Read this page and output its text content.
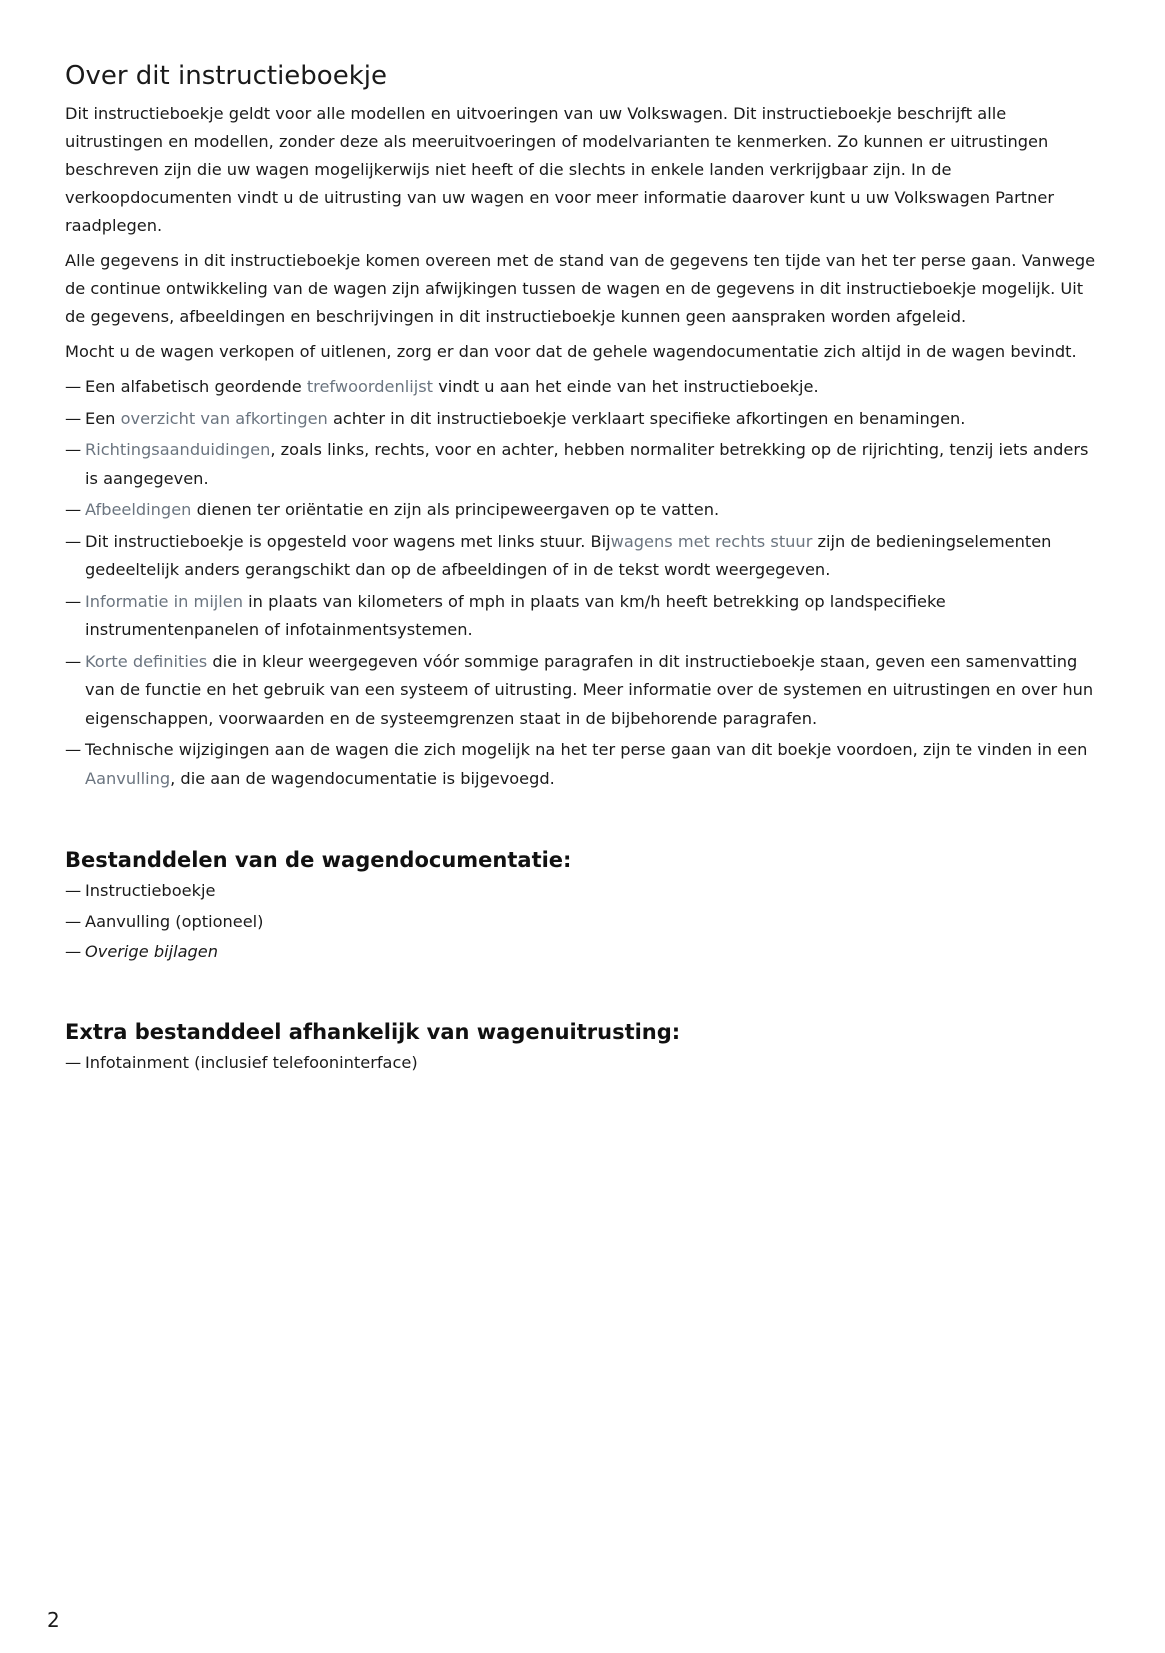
Over dit instructieboekje

Dit instructieboekje geldt voor alle modellen en uitvoeringen van uw Volkswagen. Dit instructieboekje beschrijft alle uitrustingen en modellen, zonder deze als meeruitvoeringen of modelvarianten te kenmerken. Zo kunnen er uitrustingen beschreven zijn die uw wagen mogelijkerwijs niet heeft of die slechts in enkele landen verkrijgbaar zijn. In de verkoopdocumenten vindt u de uitrusting van uw wagen en voor meer informatie daarover kunt u uw Volkswagen Partner raadplegen.

Alle gegevens in dit instructieboekje komen overeen met de stand van de gegevens ten tijde van het ter perse gaan. Vanwege de continue ontwikkeling van de wagen zijn afwijkingen tussen de wagen en de gegevens in dit instructieboekje mogelijk. Uit de gegevens, afbeeldingen en beschrijvingen in dit instructieboekje kunnen geen aanspraken worden afgeleid.

Mocht u de wagen verkopen of uitlenen, zorg er dan voor dat de gehele wagendocumentatie zich altijd in de wagen bevindt.

— Een alfabetisch geordende trefwoordenlijst vindt u aan het einde van het instructieboekje.
— Een overzicht van afkortingen achter in dit instructieboekje verklaart specifieke afkortingen en benamingen.
— Richtingsaanduidingen, zoals links, rechts, voor en achter, hebben normaliter betrekking op de rijrichting, tenzij iets anders is aangegeven.
— Afbeeldingen dienen ter oriëntatie en zijn als principeweergaven op te vatten.
— Dit instructieboekje is opgesteld voor wagens met links stuur. Bijwagens met rechts stuur zijn de bedieningselementen gedeeltelijk anders gerangschikt dan op de afbeeldingen of in de tekst wordt weergegeven.
— Informatie in mijlen in plaats van kilometers of mph in plaats van km/h heeft betrekking op landspecifieke instrumentenpanelen of infotainmentsystemen.
— Korte definities die in kleur weergegeven vóór sommige paragrafen in dit instructieboekje staan, geven een samenvatting van de functie en het gebruik van een systeem of uitrusting. Meer informatie over de systemen en uitrustingen en over hun eigenschappen, voorwaarden en de systeemgrenzen staat in de bijbehorende paragrafen.
— Technische wijzigingen aan de wagen die zich mogelijk na het ter perse gaan van dit boekje voordoen, zijn te vinden in een Aanvulling, die aan de wagendocumentatie is bijgevoegd.
Bestanddelen van de wagendocumentatie:
— Instructieboekje
— Aanvulling (optioneel)
— Overige bijlagen
Extra bestanddeel afhankelijk van wagenuitrusting:
— Infotainment (inclusief telefooninterface)
2
